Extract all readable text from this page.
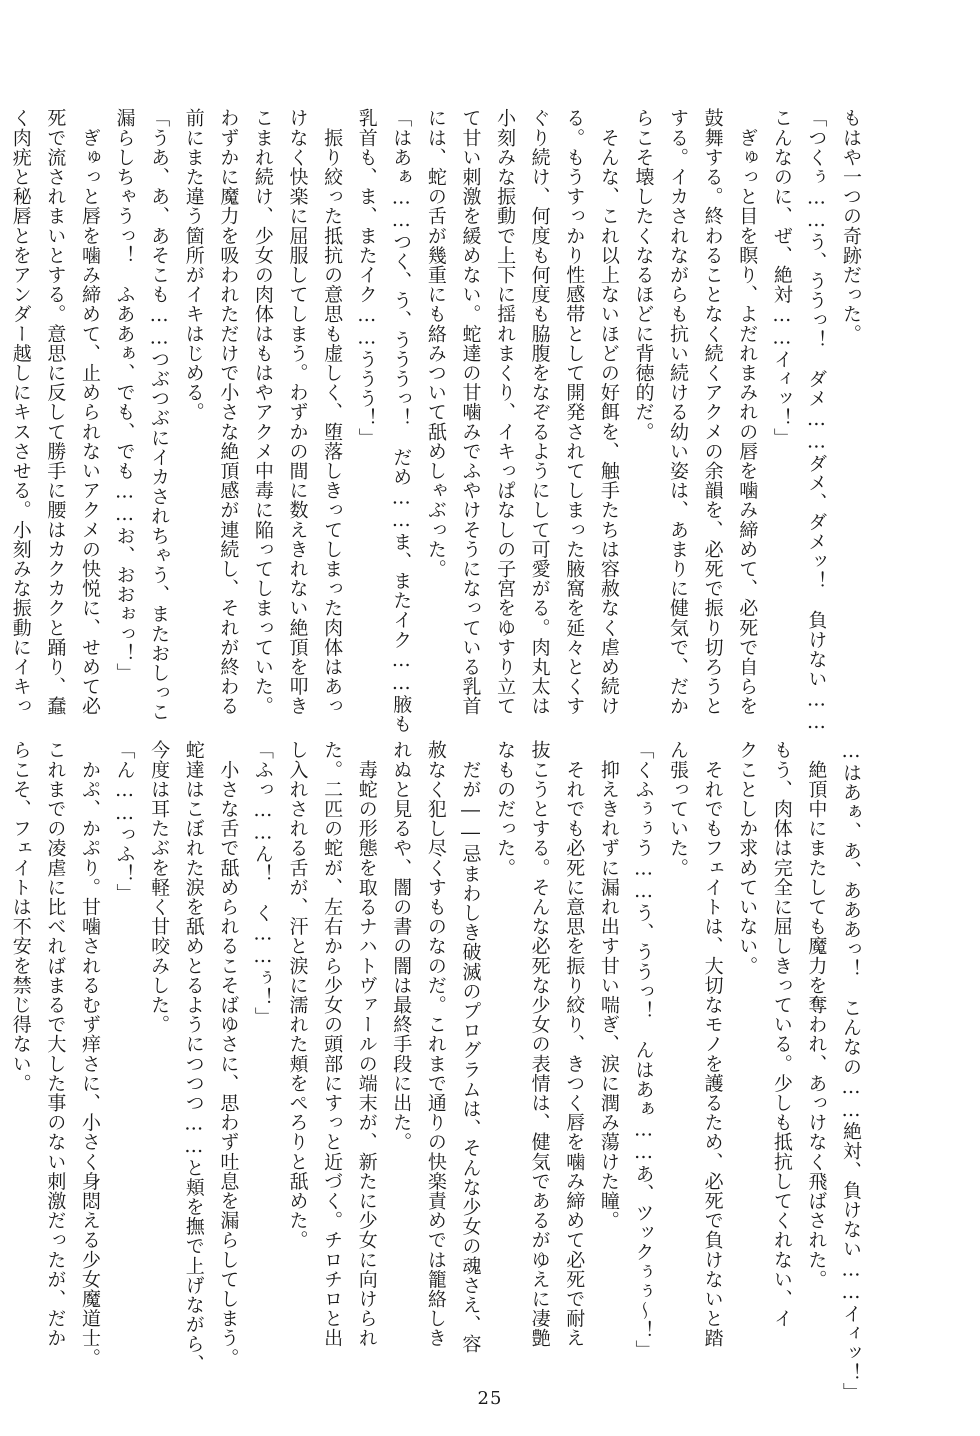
もはや一つの奇跡だった。
「つくぅ……う、ううっ！　ダメ……ダメ、ダメッ！　負けない……
こんなのに、ぜ、絶対……イィッ！」
　ぎゅっと目を瞑り、よだれまみれの唇を噛み締めて、必死で自らを
鼓舞する。終わることなく続くアクメの余韻を、必死で振り切ろうと
する。イカされながらも抗い続ける幼い姿は、あまりに健気で、だか
らこそ壊したくなるほどに背徳的だ。
　そんな、これ以上ないほどの好餌を、触手たちは容赦なく虐め続け
る。もうすっかり性感帯として開発されてしまった腋窩を延々とくす
ぐり続け、何度も何度も脇腹をなぞるようにして可愛がる。肉丸太は
小刻みな振動で上下に揺れまくり、イキっぱなしの子宮をゆすり立て
て甘い刺激を緩めない。蛇達の甘噛みでふやけそうになっている乳首
には、蛇の舌が幾重にも絡みついて舐めしゃぶった。
「はあぁ……つく、う、うううっ！　だめ……ま、またイク……腋も
乳首も、ま、またイク……ううう！」
　振り絞った抵抗の意思も虚しく、堕落しきってしまった肉体はあっ
けなく快楽に屈服してしまう。わずかの間に数えきれない絶頂を叩き
こまれ続け、少女の肉体はもはやアクメ中毒に陥ってしまっていた。
わずかに魔力を吸われただけで小さな絶頂感が連続し、それが終わる
前にまた違う箇所がイキはじめる。
「うあ、あ、あそこも……つぶつぶにイカされちゃう、またおしっこ
漏らしちゃうっ！　ふああぁ、でも、でも……お、おおぉっ！」
　ぎゅっと唇を噛み締めて、止められないアクメの快悦に、せめて必
死で流されまいとする。意思に反して勝手に腰はカクカクと踊り、蠢
く肉疣と秘唇とをアンダー越しにキスさせる。小刻みな振動にイキっ
…はあぁ、あ、あああっ！　こんなの……絶対、負けない……イィッ！」
　絶頂中にまたしても魔力を奪われ、あっけなく飛ばされた。
もう、肉体は完全に屈しきっている。少しも抵抗してくれない、イ
クことしか求めていない。
　それでもフェイトは、大切なモノを護るため、必死で負けないと踏
ん張っていた。
「くふぅぅう……う、ううっ！　んはあぁ……あ、ツックぅぅ〜！」
　抑えきれずに漏れ出す甘い喘ぎ、涙に潤み蕩けた瞳。
　それでも必死に意思を振り絞り、きつく唇を噛み締めて必死で耐え
抜こうとする。そんな必死な少女の表情は、健気であるがゆえに凄艶
なものだった。
　だが――忌まわしき破滅のプログラムは、そんな少女の魂さえ、容
赦なく犯し尽くすものなのだ。これまで通りの快楽責めでは籠絡しき
れぬと見るや、闇の書の闇は最終手段に出た。
　毒蛇の形態を取るナハトヴァールの端末が、新たに少女に向けられ
た。二匹の蛇が、左右から少女の頭部にすっと近づく。チロチロと出
し入れされる舌が、汗と涙に濡れた頬をぺろりと舐めた。
「ふっ……ん！　く……ぅ！」
　小さな舌で舐められるこそばゆさに、思わず吐息を漏らしてしまう。
蛇達はこぼれた涙を舐めとるようにつつつ……と頬を撫で上げながら、
今度は耳たぶを軽く甘咬みした。
「ん……っふ！」
　かぷ、かぷり。甘噛されるむず痒さに、小さく身悶える少女魔道士。
これまでの凌虐に比べればまるで大した事のない刺激だったが、だか
らこそ、フェイトは不安を禁じ得ない。
25
